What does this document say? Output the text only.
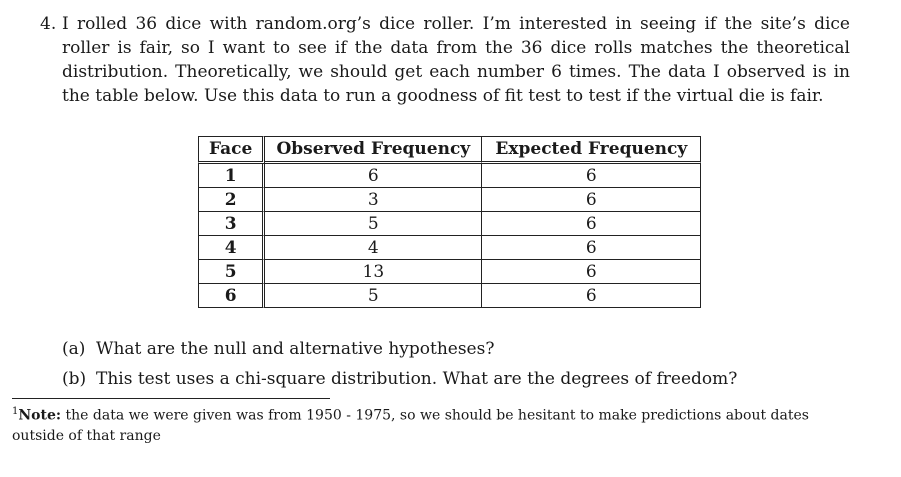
4. I rolled 36 dice with random.org’s dice roller. I’m interested in seeing if the site’s dice roller is fair, so I want to see if the data from the 36 dice rolls matches the theoretical distribution. Theoretically, we should get each number 6 times. The data I observed is in the table below. Use this data to run a goodness of fit test to test if the virtual die is fair.
Face	Observed Frequency	Expected Frequency
1	6	6
2	3	6
3	5	6
4	4	6
5	13	6
6	5	6
(a) What are the null and alternative hypotheses?
(b) This test uses a chi-square distribution. What are the degrees of freedom?
$^1$Note: the data we were given was from 1950 - 1975, so we should be hesitant to make predictions about dates outside of that range
